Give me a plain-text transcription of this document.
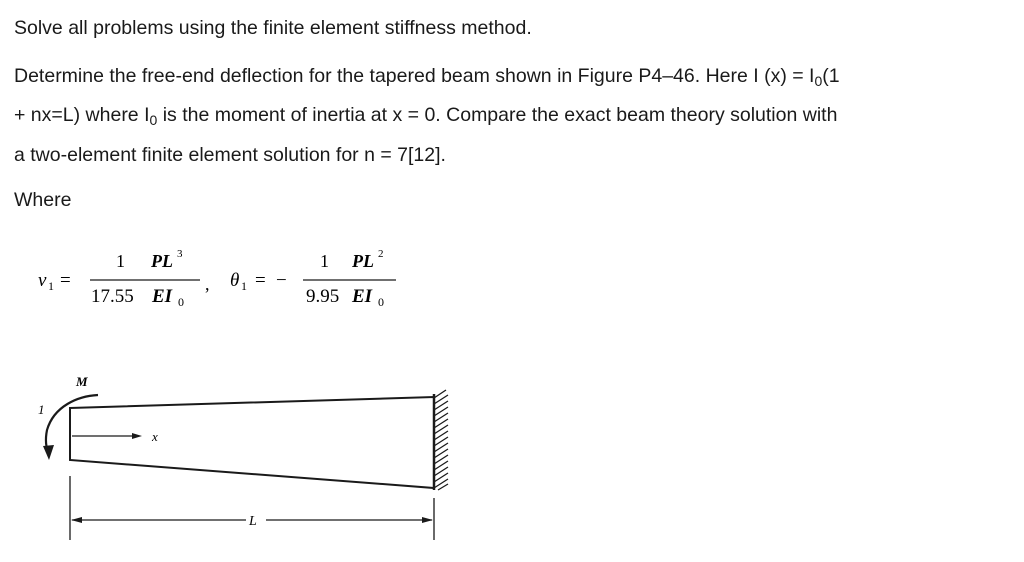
Solve all problems using the finite element stiffness method.
Determine the free-end deflection for the tapered beam shown in Figure P4–46. Here I $(x) = I_0(1$
+ nx=L) where $I_0$ is the moment of inertia at x = 0. Compare the exact beam theory solution with
a two-element finite element solution for n = 7[12].
Where
v 1 =
1 PL 3
17.55 EI 0
, θ 1 = −
1 PL 2
9.95 EI 0
M
1
x
L
